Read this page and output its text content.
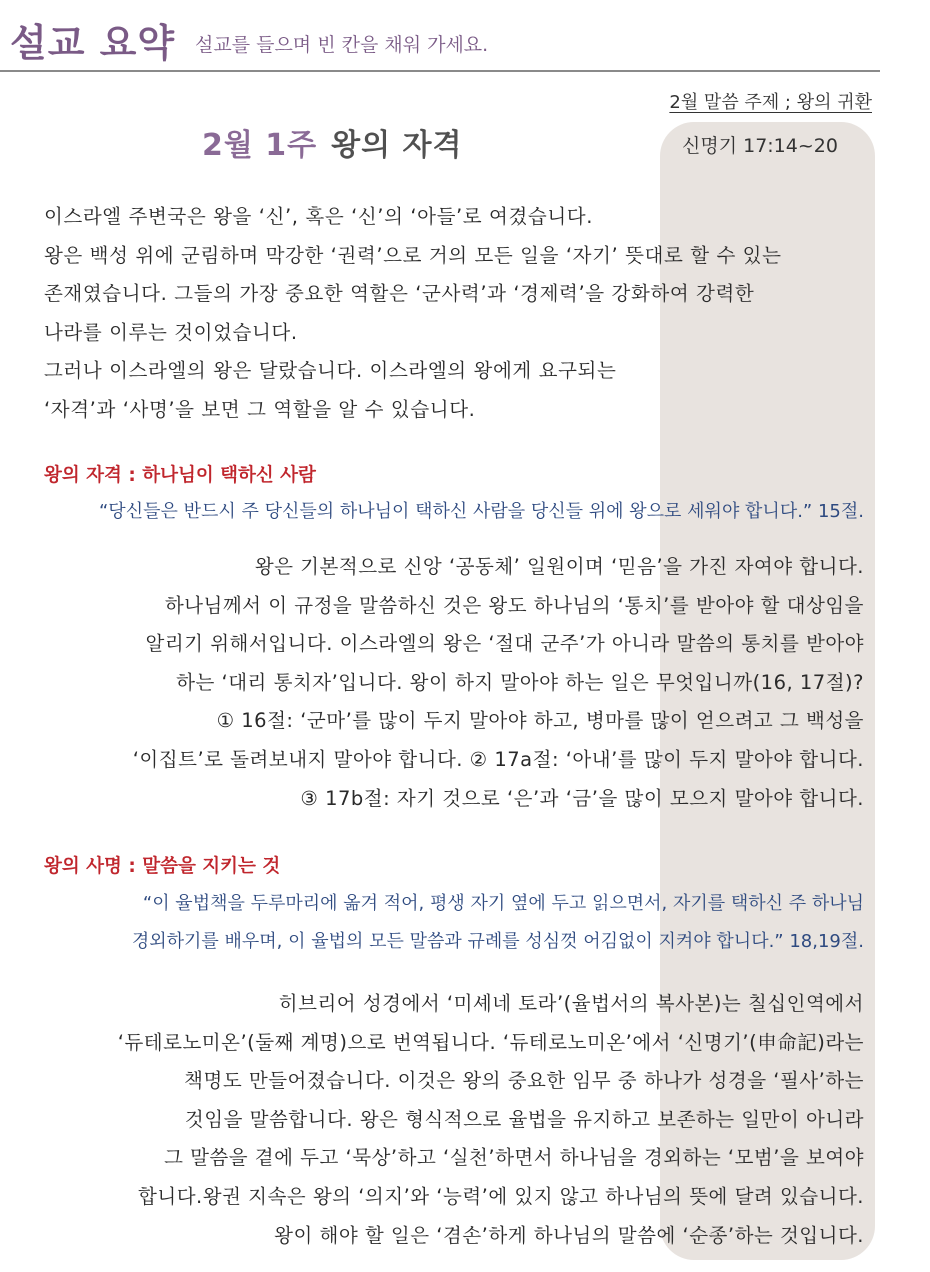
설교 요약 설교를 들으며 빈 칸을 채워 가세요.
2월 말씀 주제 ; 왕의 귀환
2월 1주 왕의 자격	신명기 17:14~20

이스라엘 주변국은 왕을 ‘신’, 혹은 ‘신’의 ‘아들’로 여겼습니다.

왕은 백성 위에 군림하며 막강한 ‘권력’으로 거의 모든 일을 ‘자기’ 뜻대로 할 수 있는

존재였습니다. 그들의 가장 중요한 역할은 ‘군사력’과 ‘경제력’을 강화하여 강력한

나라를 이루는 것이었습니다.

그러나 이스라엘의 왕은 달랐습니다. 이스라엘의 왕에게 요구되는

‘자격’과 ‘사명’을 보면 그 역할을 알 수 있습니다.

왕의 자격 : 하나님이 택하신 사람

“당신들은 반드시 주 당신들의 하나님이 택하신 사람을 당신들 위에 왕으로 세워야 합니다.” 15절.

왕은 기본적으로 신앙 ‘공동체’ 일원이며 ‘믿음’을 가진 자여야 합니다.

하나님께서 이 규정을 말씀하신 것은 왕도 하나님의 ‘통치’를 받아야 할 대상임을

알리기 위해서입니다. 이스라엘의 왕은 ‘절대 군주’가 아니라 말씀의 통치를 받아야

하는 ‘대리 통치자’입니다. 왕이 하지 말아야 하는 일은 무엇입니까(16, 17절)?

① 16절: ‘군마’를 많이 두지 말아야 하고, 병마를 많이 얻으려고 그 백성을

‘이집트’로 돌려보내지 말아야 합니다. ② 17a절: ‘아내’를 많이 두지 말아야 합니다.

③ 17b절: 자기 것으로 ‘은’과 ‘금’을 많이 모으지 말아야 합니다.

왕의 사명 : 말씀을 지키는 것

“이 율법책을 두루마리에 옮겨 적어, 평생 자기 옆에 두고 읽으면서, 자기를 택하신 주 하나님

경외하기를 배우며, 이 율법의 모든 말씀과 규례를 성심껏 어김없이 지켜야 합니다.” 18,19절.

히브리어 성경에서 ‘미셰네 토라’(율법서의 복사본)는 칠십인역에서

‘듀테로노미온’(둘째 계명)으로 번역됩니다. ‘듀테로노미온’에서 ‘신명기’(申命記)라는

책명도 만들어졌습니다. 이것은 왕의 중요한 임무 중 하나가 성경을 ‘필사’하는

것임을 말씀합니다. 왕은 형식적으로 율법을 유지하고 보존하는 일만이 아니라

그 말씀을 곁에 두고 ‘묵상’하고 ‘실천’하면서 하나님을 경외하는 ‘모범’을 보여야

합니다.왕권 지속은 왕의 ‘의지’와 ‘능력’에 있지 않고 하나님의 뜻에 달려 있습니다.

왕이 해야 할 일은 ‘겸손’하게 하나님의 말씀에 ‘순종’하는 것입니다.
